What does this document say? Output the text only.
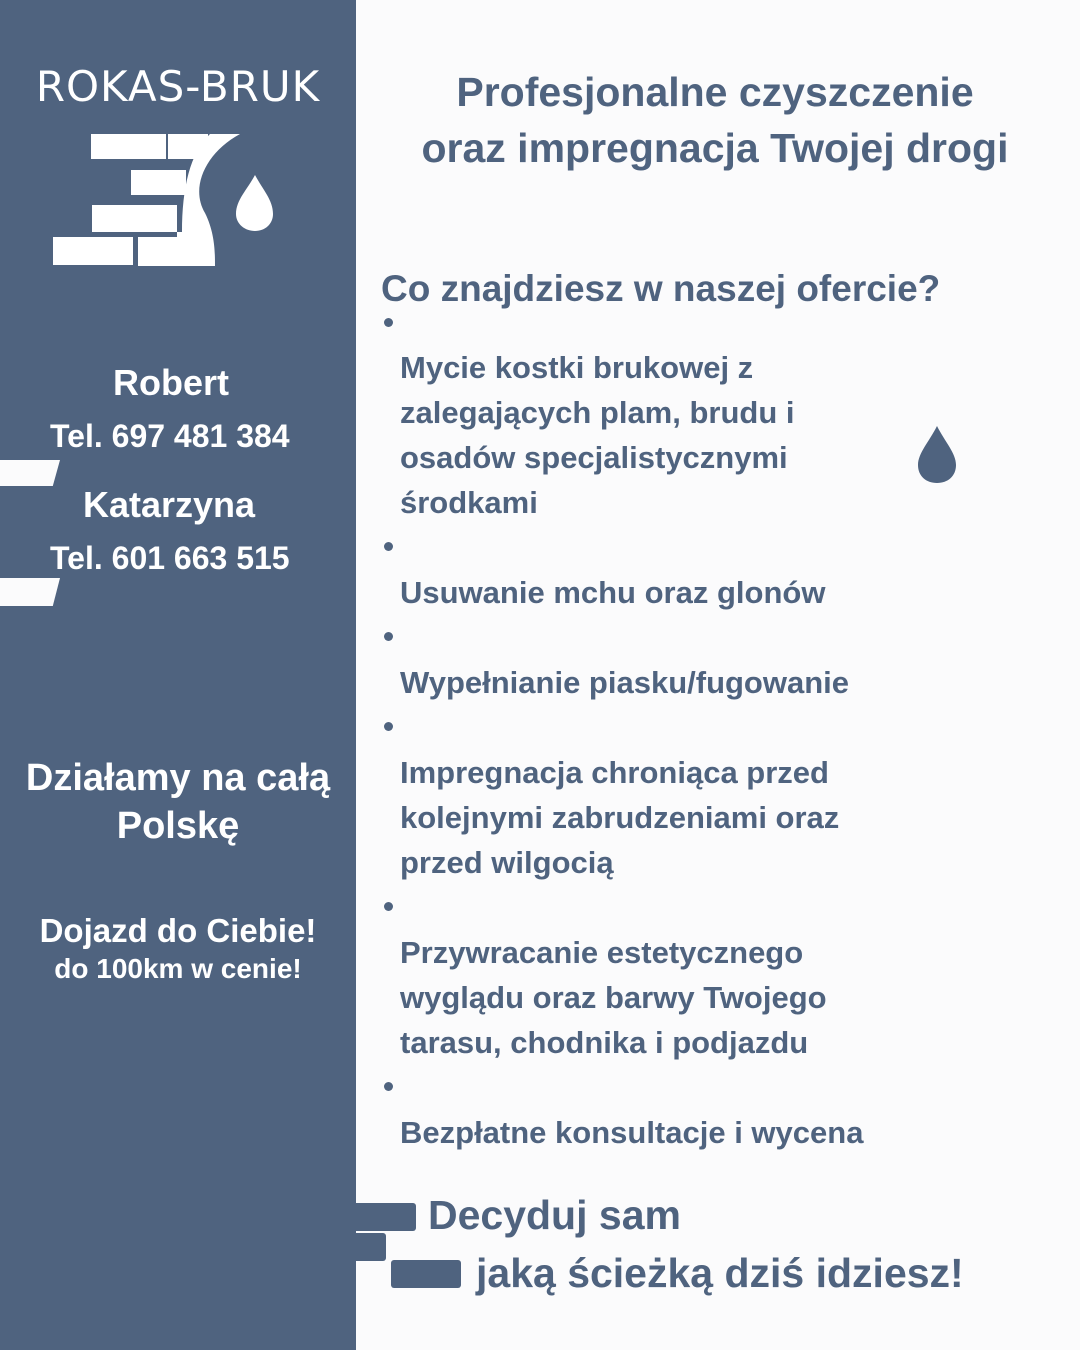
ROKAS-BRUK
Robert
Tel. 697 481 384
Katarzyna
Tel. 601 663 515
Działamy na całą
Polskę
Dojazd do Ciebie!
do 100km w cenie!
Profesjonalne czyszczenie
oraz impregnacja Twojej drogi
Co znajdziesz w naszej ofercie?
Mycie kostki brukowej z
zalegających plam, brudu i
osadów specjalistycznymi
środkami
Usuwanie mchu oraz glonów
Wypełnianie piasku/fugowanie
Impregnacja chroniąca przed
kolejnymi zabrudzeniami oraz
przed wilgocią
Przywracanie estetycznego
wyglądu oraz barwy Twojego
tarasu, chodnika i podjazdu
Bezpłatne konsultacje i wycena
Decyduj sam
jaką ścieżką dziś idziesz!
